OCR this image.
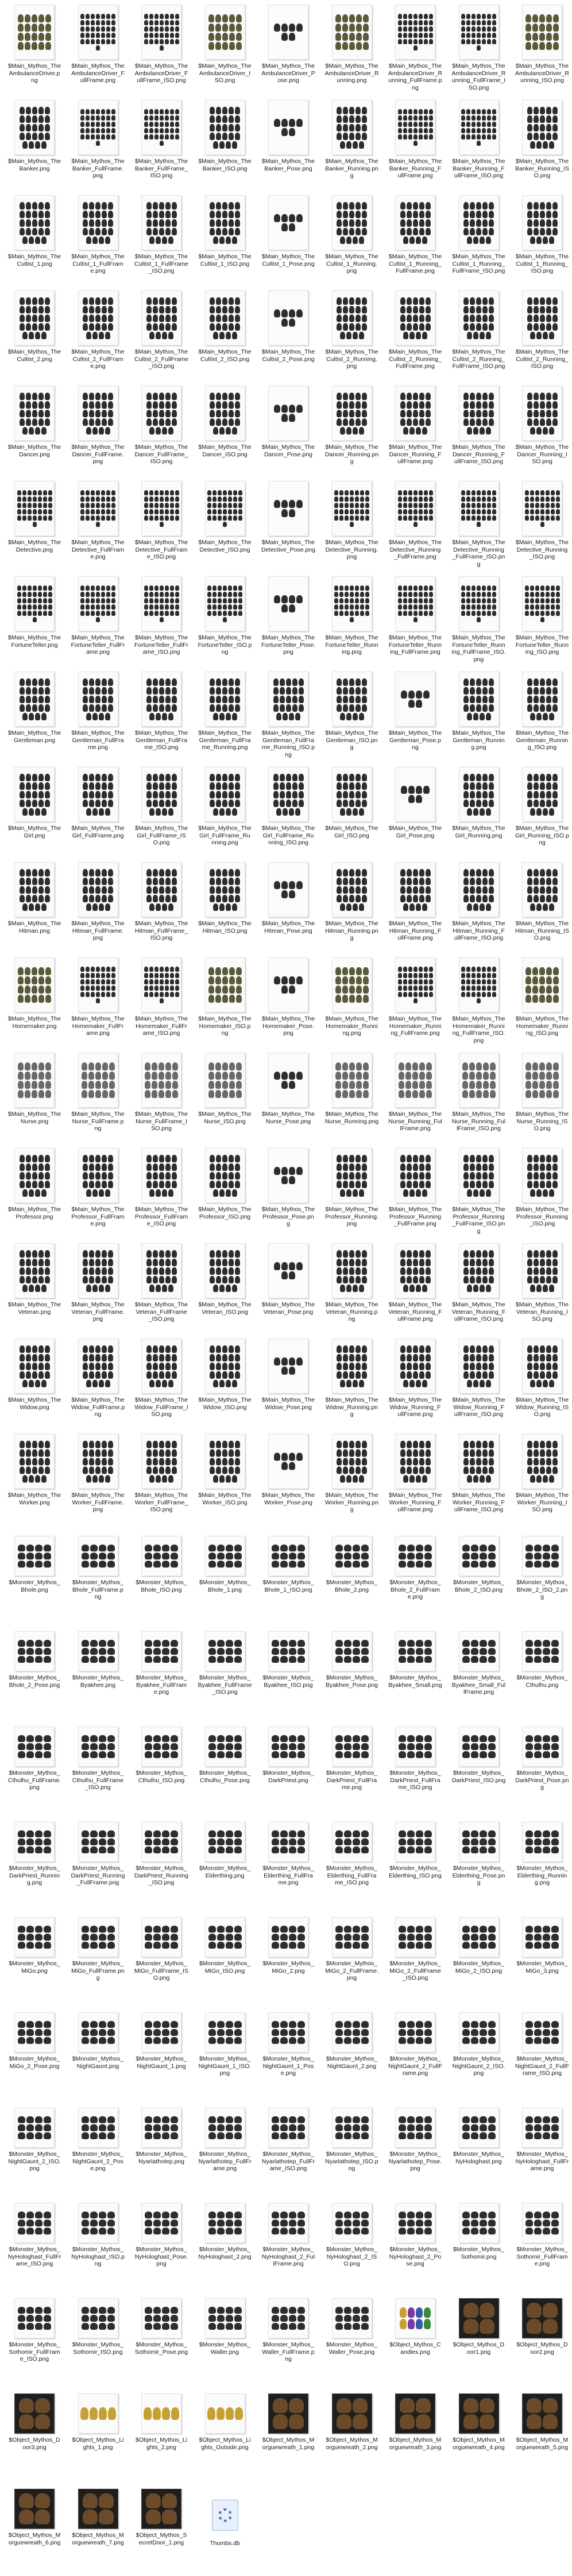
$Main_Mythos_TheAmbulanceDriver.png
$Main_Mythos_TheAmbulanceDriver_FullFrame.png
$Main_Mythos_TheAmbulanceDriver_FullFrame_ISO.png
$Main_Mythos_TheAmbulanceDriver_ISO.png
$Main_Mythos_TheAmbulanceDriver_Pose.png
$Main_Mythos_TheAmbulanceDriver_Running.png
$Main_Mythos_TheAmbulanceDriver_Running_FullFrame.png
$Main_Mythos_TheAmbulanceDriver_Running_FullFrame_ISO.png
$Main_Mythos_TheAmbulanceDriver_Running_ISO.png
$Main_Mythos_TheBanker.png
$Main_Mythos_TheBanker_FullFrame.png
$Main_Mythos_TheBanker_FullFrame_ISO.png
$Main_Mythos_TheBanker_ISO.png
$Main_Mythos_TheBanker_Pose.png
$Main_Mythos_TheBanker_Running.png
$Main_Mythos_TheBanker_Running_FullFrame.png
$Main_Mythos_TheBanker_Running_FullFrame_ISO.png
$Main_Mythos_TheBanker_Running_ISO.png
$Main_Mythos_TheCultist_1.png
$Main_Mythos_TheCultist_1_FullFrame.png
$Main_Mythos_TheCultist_1_FullFrame_ISO.png
$Main_Mythos_TheCultist_1_ISO.png
$Main_Mythos_TheCultist_1_Pose.png
$Main_Mythos_TheCultist_1_Running.png
$Main_Mythos_TheCultist_1_Running_FullFrame.png
$Main_Mythos_TheCultist_1_Running_FullFrame_ISO.png
$Main_Mythos_TheCultist_1_Running_ISO.png
$Main_Mythos_TheCultist_2.png
$Main_Mythos_TheCultist_2_FullFrame.png
$Main_Mythos_TheCultist_2_FullFrame_ISO.png
$Main_Mythos_TheCultist_2_ISO.png
$Main_Mythos_TheCultist_2_Pose.png
$Main_Mythos_TheCultist_2_Running.png
$Main_Mythos_TheCultist_2_Running_FullFrame.png
$Main_Mythos_TheCultist_2_Running_FullFrame_ISO.png
$Main_Mythos_TheCultist_2_Running_ISO.png
$Main_Mythos_TheDancer.png
$Main_Mythos_TheDancer_FullFrame.png
$Main_Mythos_TheDancer_FullFrame_ISO.png
$Main_Mythos_TheDancer_ISO.png
$Main_Mythos_TheDancer_Pose.png
$Main_Mythos_TheDancer_Running.png
$Main_Mythos_TheDancer_Running_FullFrame.png
$Main_Mythos_TheDancer_Running_FullFrame_ISO.png
$Main_Mythos_TheDancer_Running_ISO.png
$Main_Mythos_TheDetective.png
$Main_Mythos_TheDetective_FullFrame.png
$Main_Mythos_TheDetective_FullFrame_ISO.png
$Main_Mythos_TheDetective_ISO.png
$Main_Mythos_TheDetective_Pose.png
$Main_Mythos_TheDetective_Running.png
$Main_Mythos_TheDetective_Running_FullFrame.png
$Main_Mythos_TheDetective_Running_FullFrame_ISO.png
$Main_Mythos_TheDetective_Running_ISO.png
$Main_Mythos_TheFortuneTeller.png
$Main_Mythos_TheFortuneTeller_FullFrame.png
$Main_Mythos_TheFortuneTeller_FullFrame_ISO.png
$Main_Mythos_TheFortuneTeller_ISO.png
$Main_Mythos_TheFortuneTeller_Pose.png
$Main_Mythos_TheFortuneTeller_Running.png
$Main_Mythos_TheFortuneTeller_Running_FullFrame.png
$Main_Mythos_TheFortuneTeller_Running_FullFrame_ISO.png
$Main_Mythos_TheFortuneTeller_Running_ISO.png
$Main_Mythos_TheGentleman.png
$Main_Mythos_TheGentleman_FullFrame.png
$Main_Mythos_TheGentleman_FullFrame_ISO.png
$Main_Mythos_TheGentleman_FullFrame_Running.png
$Main_Mythos_TheGentleman_FullFrame_Running_ISO.png
$Main_Mythos_TheGentleman_ISO.png
$Main_Mythos_TheGentleman_Pose.png
$Main_Mythos_TheGentleman_Running.png
$Main_Mythos_TheGentleman_Running_ISO.png
$Main_Mythos_TheGirl.png
$Main_Mythos_TheGirl_FullFrame.png
$Main_Mythos_TheGirl_FullFrame_ISO.png
$Main_Mythos_TheGirl_FullFrame_Running.png
$Main_Mythos_TheGirl_FullFrame_Running_ISO.png
$Main_Mythos_TheGirl_ISO.png
$Main_Mythos_TheGirl_Pose.png
$Main_Mythos_TheGirl_Running.png
$Main_Mythos_TheGirl_Running_ISO.png
$Main_Mythos_TheHitman.png
$Main_Mythos_TheHitman_FullFrame.png
$Main_Mythos_TheHitman_FullFrame_ISO.png
$Main_Mythos_TheHitman_ISO.png
$Main_Mythos_TheHitman_Pose.png
$Main_Mythos_TheHitman_Running.png
$Main_Mythos_TheHitman_Running_FullFrame.png
$Main_Mythos_TheHitman_Running_FullFrame_ISO.png
$Main_Mythos_TheHitman_Running_ISO.png
$Main_Mythos_TheHomemaker.png
$Main_Mythos_TheHomemaker_FullFrame.png
$Main_Mythos_TheHomemaker_FullFrame_ISO.png
$Main_Mythos_TheHomemaker_ISO.png
$Main_Mythos_TheHomemaker_Pose.png
$Main_Mythos_TheHomemaker_Running.png
$Main_Mythos_TheHomemaker_Running_FullFrame.png
$Main_Mythos_TheHomemaker_Running_FullFrame_ISO.png
$Main_Mythos_TheHomemaker_Running_ISO.png
$Main_Mythos_TheNurse.png
$Main_Mythos_TheNurse_FullFrame.png
$Main_Mythos_TheNurse_FullFrame_ISO.png
$Main_Mythos_TheNurse_ISO.png
$Main_Mythos_TheNurse_Pose.png
$Main_Mythos_TheNurse_Running.png
$Main_Mythos_TheNurse_Running_FullFrame.png
$Main_Mythos_TheNurse_Running_FullFrame_ISO.png
$Main_Mythos_TheNurse_Running_ISO.png
$Main_Mythos_TheProfessor.png
$Main_Mythos_TheProfessor_FullFrame.png
$Main_Mythos_TheProfessor_FullFrame_ISO.png
$Main_Mythos_TheProfessor_ISO.png
$Main_Mythos_TheProfessor_Pose.png
$Main_Mythos_TheProfessor_Running.png
$Main_Mythos_TheProfessor_Running_FullFrame.png
$Main_Mythos_TheProfessor_Running_FullFrame_ISO.png
$Main_Mythos_TheProfessor_Running_ISO.png
$Main_Mythos_TheVeteran.png
$Main_Mythos_TheVeteran_FullFrame.png
$Main_Mythos_TheVeteran_FullFrame_ISO.png
$Main_Mythos_TheVeteran_ISO.png
$Main_Mythos_TheVeteran_Pose.png
$Main_Mythos_TheVeteran_Running.png
$Main_Mythos_TheVeteran_Running_FullFrame.png
$Main_Mythos_TheVeteran_Running_FullFrame_ISO.png
$Main_Mythos_TheVeteran_Running_ISO.png
$Main_Mythos_TheWidow.png
$Main_Mythos_TheWidow_FullFrame.png
$Main_Mythos_TheWidow_FullFrame_ISO.png
$Main_Mythos_TheWidow_ISO.png
$Main_Mythos_TheWidow_Pose.png
$Main_Mythos_TheWidow_Running.png
$Main_Mythos_TheWidow_Running_FullFrame.png
$Main_Mythos_TheWidow_Running_FullFrame_ISO.png
$Main_Mythos_TheWidow_Running_ISO.png
$Main_Mythos_TheWorker.png
$Main_Mythos_TheWorker_FullFrame.png
$Main_Mythos_TheWorker_FullFrame_ISO.png
$Main_Mythos_TheWorker_ISO.png
$Main_Mythos_TheWorker_Pose.png
$Main_Mythos_TheWorker_Running.png
$Main_Mythos_TheWorker_Running_FullFrame.png
$Main_Mythos_TheWorker_Running_FullFrame_ISO.png
$Main_Mythos_TheWorker_Running_ISO.png
$Monster_Mythos_Bhole.png
$Monster_Mythos_Bhole_FullFrame.png
$Monster_Mythos_Bhole_ISO.png
$Monster_Mythos_Bhole_1.png
$Monster_Mythos_Bhole_1_ISO.png
$Monster_Mythos_Bhole_2.png
$Monster_Mythos_Bhole_2_FullFrame.png
$Monster_Mythos_Bhole_2_ISO.png
$Monster_Mythos_Bhole_2_ISO_2.png
$Monster_Mythos_Bhole_2_Pose.png
$Monster_Mythos_Byakhee.png
$Monster_Mythos_Byakhee_FullFrame.png
$Monster_Mythos_Byakhee_FullFrame_ISO.png
$Monster_Mythos_Byakhee_ISO.png
$Monster_Mythos_Byakhee_Pose.png
$Monster_Mythos_Byakhee_Small.png
$Monster_Mythos_Byakhee_Small_FullFrame.png
$Monster_Mythos_Cthulhu.png
$Monster_Mythos_Cthulhu_FullFrame.png
$Monster_Mythos_Cthulhu_FullFrame_ISO.png
$Monster_Mythos_Cthulhu_ISO.png
$Monster_Mythos_Cthulhu_Pose.png
$Monster_Mythos_DarkPriest.png
$Monster_Mythos_DarkPriest_FullFrame.png
$Monster_Mythos_DarkPriest_FullFrame_ISO.png
$Monster_Mythos_DarkPriest_ISO.png
$Monster_Mythos_DarkPriest_Pose.png
$Monster_Mythos_DarkPriest_Running.png
$Monster_Mythos_DarkPriest_Running_FullFrame.png
$Monster_Mythos_DarkPriest_Running_ISO.png
$Monster_Mythos_Elderthing.png
$Monster_Mythos_Elderthing_FullFrame.png
$Monster_Mythos_Elderthing_FullFrame_ISO.png
$Monster_Mythos_Elderthing_ISO.png
$Monster_Mythos_Elderthing_Pose.png
$Monster_Mythos_Elderthing_Running.png
$Monster_Mythos_MiGo.png
$Monster_Mythos_MiGo_FullFrame.png
$Monster_Mythos_MiGo_FullFrame_ISO.png
$Monster_Mythos_MiGo_ISO.png
$Monster_Mythos_MiGo_2.png
$Monster_Mythos_MiGo_2_FullFrame.png
$Monster_Mythos_MiGo_2_FullFrame_ISO.png
$Monster_Mythos_MiGo_2_ISO.png
$Monster_Mythos_MiGo_3.png
$Monster_Mythos_MiGo_2_Pose.png
$Monster_Mythos_NightGaunt.png
$Monster_Mythos_NightGaunt_1.png
$Monster_Mythos_NightGaunt_1_ISO.png
$Monster_Mythos_NightGaunt_1_Pose.png
$Monster_Mythos_NightGaunt_2.png
$Monster_Mythos_NightGaunt_2_FullFrame.png
$Monster_Mythos_NightGaunt_2_ISO.png
$Monster_Mythos_NightGaunt_2_FullFrame_ISO.png
$Monster_Mythos_NightGaunt_2_ISO.png
$Monster_Mythos_NightGaunt_2_Pose.png
$Monster_Mythos_Nyarlathotep.png
$Monster_Mythos_Nyarlathotep_FullFrame.png
$Monster_Mythos_Nyarlathotep_FullFrame_ISO.png
$Monster_Mythos_Nyarlathotep_ISO.png
$Monster_Mythos_Nyarlathotep_Pose.png
$Monster_Mythos_NyHologhast.png
$Monster_Mythos_NyHologhast_FullFrame.png
$Monster_Mythos_NyHologhast_FullFrame_ISO.png
$Monster_Mythos_NyHologhast_ISO.png
$Monster_Mythos_NyHologhast_Pose.png
$Monster_Mythos_NyHologhast_2.png
$Monster_Mythos_NyHologhast_2_FullFrame.png
$Monster_Mythos_NyHologhast_2_ISO.png
$Monster_Mythos_NyHologhast_2_Pose.png
$Monster_Mythos_Sothomir.png
$Monster_Mythos_Sothomir_FullFrame.png
$Monster_Mythos_Sothomir_FullFrame_ISO.png
$Monster_Mythos_Sothomir_ISO.png
$Monster_Mythos_Sothomir_Pose.png
$Monster_Mythos_Waller.png
$Monster_Mythos_Waller_FullFrame.png
$Monster_Mythos_Waller_Pose.png
$Object_Mythos_Candles.png
$Object_Mythos_Door1.png
$Object_Mythos_Door2.png
$Object_Mythos_Door3.png
$Object_Mythos_Lights_1.png
$Object_Mythos_Lights_2.png
$Object_Mythos_Lights_Outside.png
$Object_Mythos_Morguewreath_1.png
$Object_Mythos_Morguewreath_2.png
$Object_Mythos_Morguewreath_3.png
$Object_Mythos_Morguewreath_4.png
$Object_Mythos_Morguewreath_5.png
$Object_Mythos_Morguewreath_6.png
$Object_Mythos_Morguewreath_7.png
$Object_Mythos_SecretDoor_1.png	Thumbs.db
